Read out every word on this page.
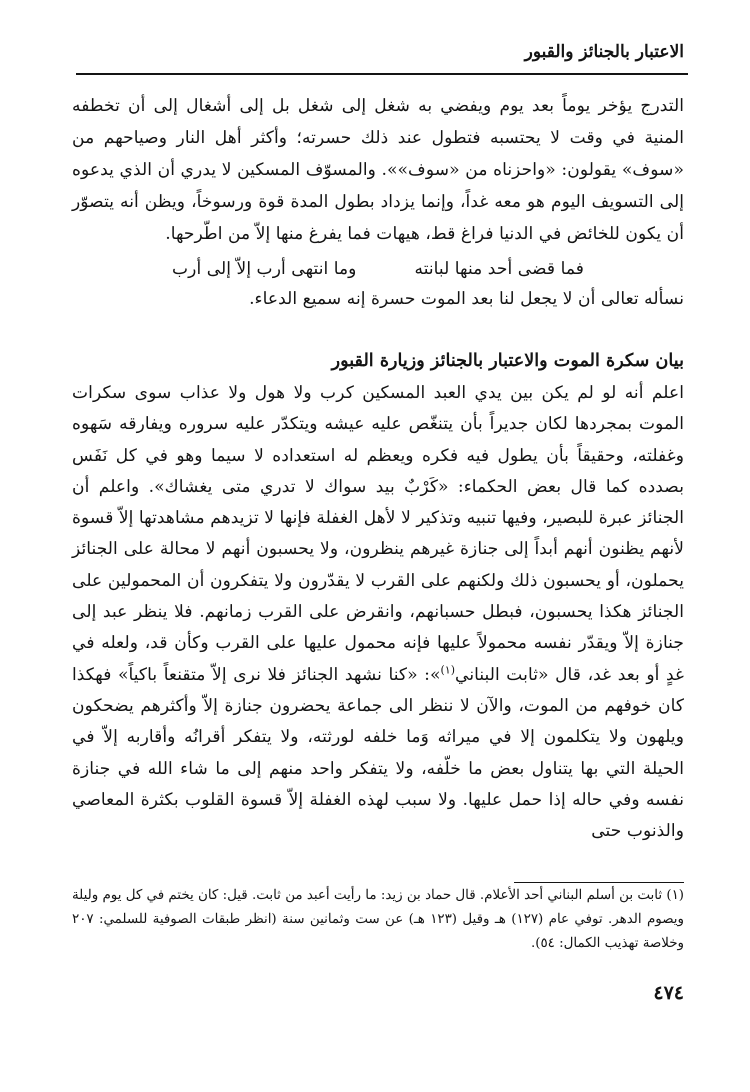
الاعتبار بالجنائز والقبور

التدرج يؤخر يوماً بعد يوم ويفضي به شغل إلى شغل بل إلى أشغال إلى أن تخطفه المنية في وقت لا يحتسبه فتطول عند ذلك حسرته؛ وأكثر أهل النار وصياحهم من «سوف» يقولون: «واحزناه من «سوف»». والمسوّف المسكين لا يدري أن الذي يدعوه إلى التسويف اليوم هو معه غداً، وإنما يزداد بطول المدة قوة ورسوخاً، ويظن أنه يتصوّر أن يكون للخائض في الدنيا فراغ قط، هيهات فما يفرغ منها إلاّ من اطّرحها.

فما قضى أحد منها لبانته
وما انتهى أرب إلاّ إلى أرب

نسأله تعالى أن لا يجعل لنا بعد الموت حسرة إنه سميع الدعاء.

بيان سكرة الموت والاعتبار بالجنائز وزيارة القبور

اعلم أنه لو لم يكن بين يدي العبد المسكين كرب ولا هول ولا عذاب سوى سكرات الموت بمجردها لكان جديراً بأن يتنغّص عليه عيشه ويتكدّر عليه سروره ويفارقه سَهوه وغفلته، وحقيقاً بأن يطول فيه فكره ويعظم له استعداده لا سيما وهو في كل نَفَس بصدده كما قال بعض الحكماء: «كَرْبٌ بيد سواك لا تدري متى يغشاك». واعلم أن الجنائز عبرة للبصير، وفيها تنبيه وتذكير لا لأهل الغفلة فإنها لا تزيدهم مشاهدتها إلاّ قسوة لأنهم يظنون أنهم أبداً إلى جنازة غيرهم ينظرون، ولا يحسبون أنهم لا محالة على الجنائز يحملون، أو يحسبون ذلك ولكنهم على القرب لا يقدّرون ولا يتفكرون أن المحمولين على الجنائز هكذا يحسبون، فبطل حسبانهم، وانقرض على القرب زمانهم. فلا ينظر عبد إلى جنازة إلاّ ويقدّر نفسه محمولاً عليها فإنه محمول عليها على القرب وكأن قد، ولعله في غدٍ أو بعد غد، قال «ثابت البناني$^{(١)}$»: «كنا نشهد الجنائز فلا نرى إلاّ متقنعاً باكياً» فهكذا كان خوفهم من الموت، والآن لا ننظر الى جماعة يحضرون جنازة إلاّ وأكثرهم يضحكون ويلهون ولا يتكلمون إلا في ميراثه وَما خلفه لورثته، ولا يتفكر أقرانُه وأقاربه إلاّ في الحيلة التي بها يتناول بعض ما خلّفه، ولا يتفكر واحد منهم إلى ما شاء الله في جنازة نفسه وفي حاله إذا حمل عليها. ولا سبب لهذه الغفلة إلاّ قسوة القلوب بكثرة المعاصي والذنوب حتى

(١) ثابت بن أسلم البناني أحد الأعلام. قال حماد بن زيد: ما رأيت أعبد من ثابت. قيل: كان يختم في كل يوم وليلة ويصوم الدهر. توفي عام (١٢٧) هـ وقيل (١٢٣ هـ) عن ست وثمانين سنة (انظر طبقات الصوفية للسلمي: ٢٠٧ وخلاصة تهذيب الكمال: ٥٤).

٤٧٤
